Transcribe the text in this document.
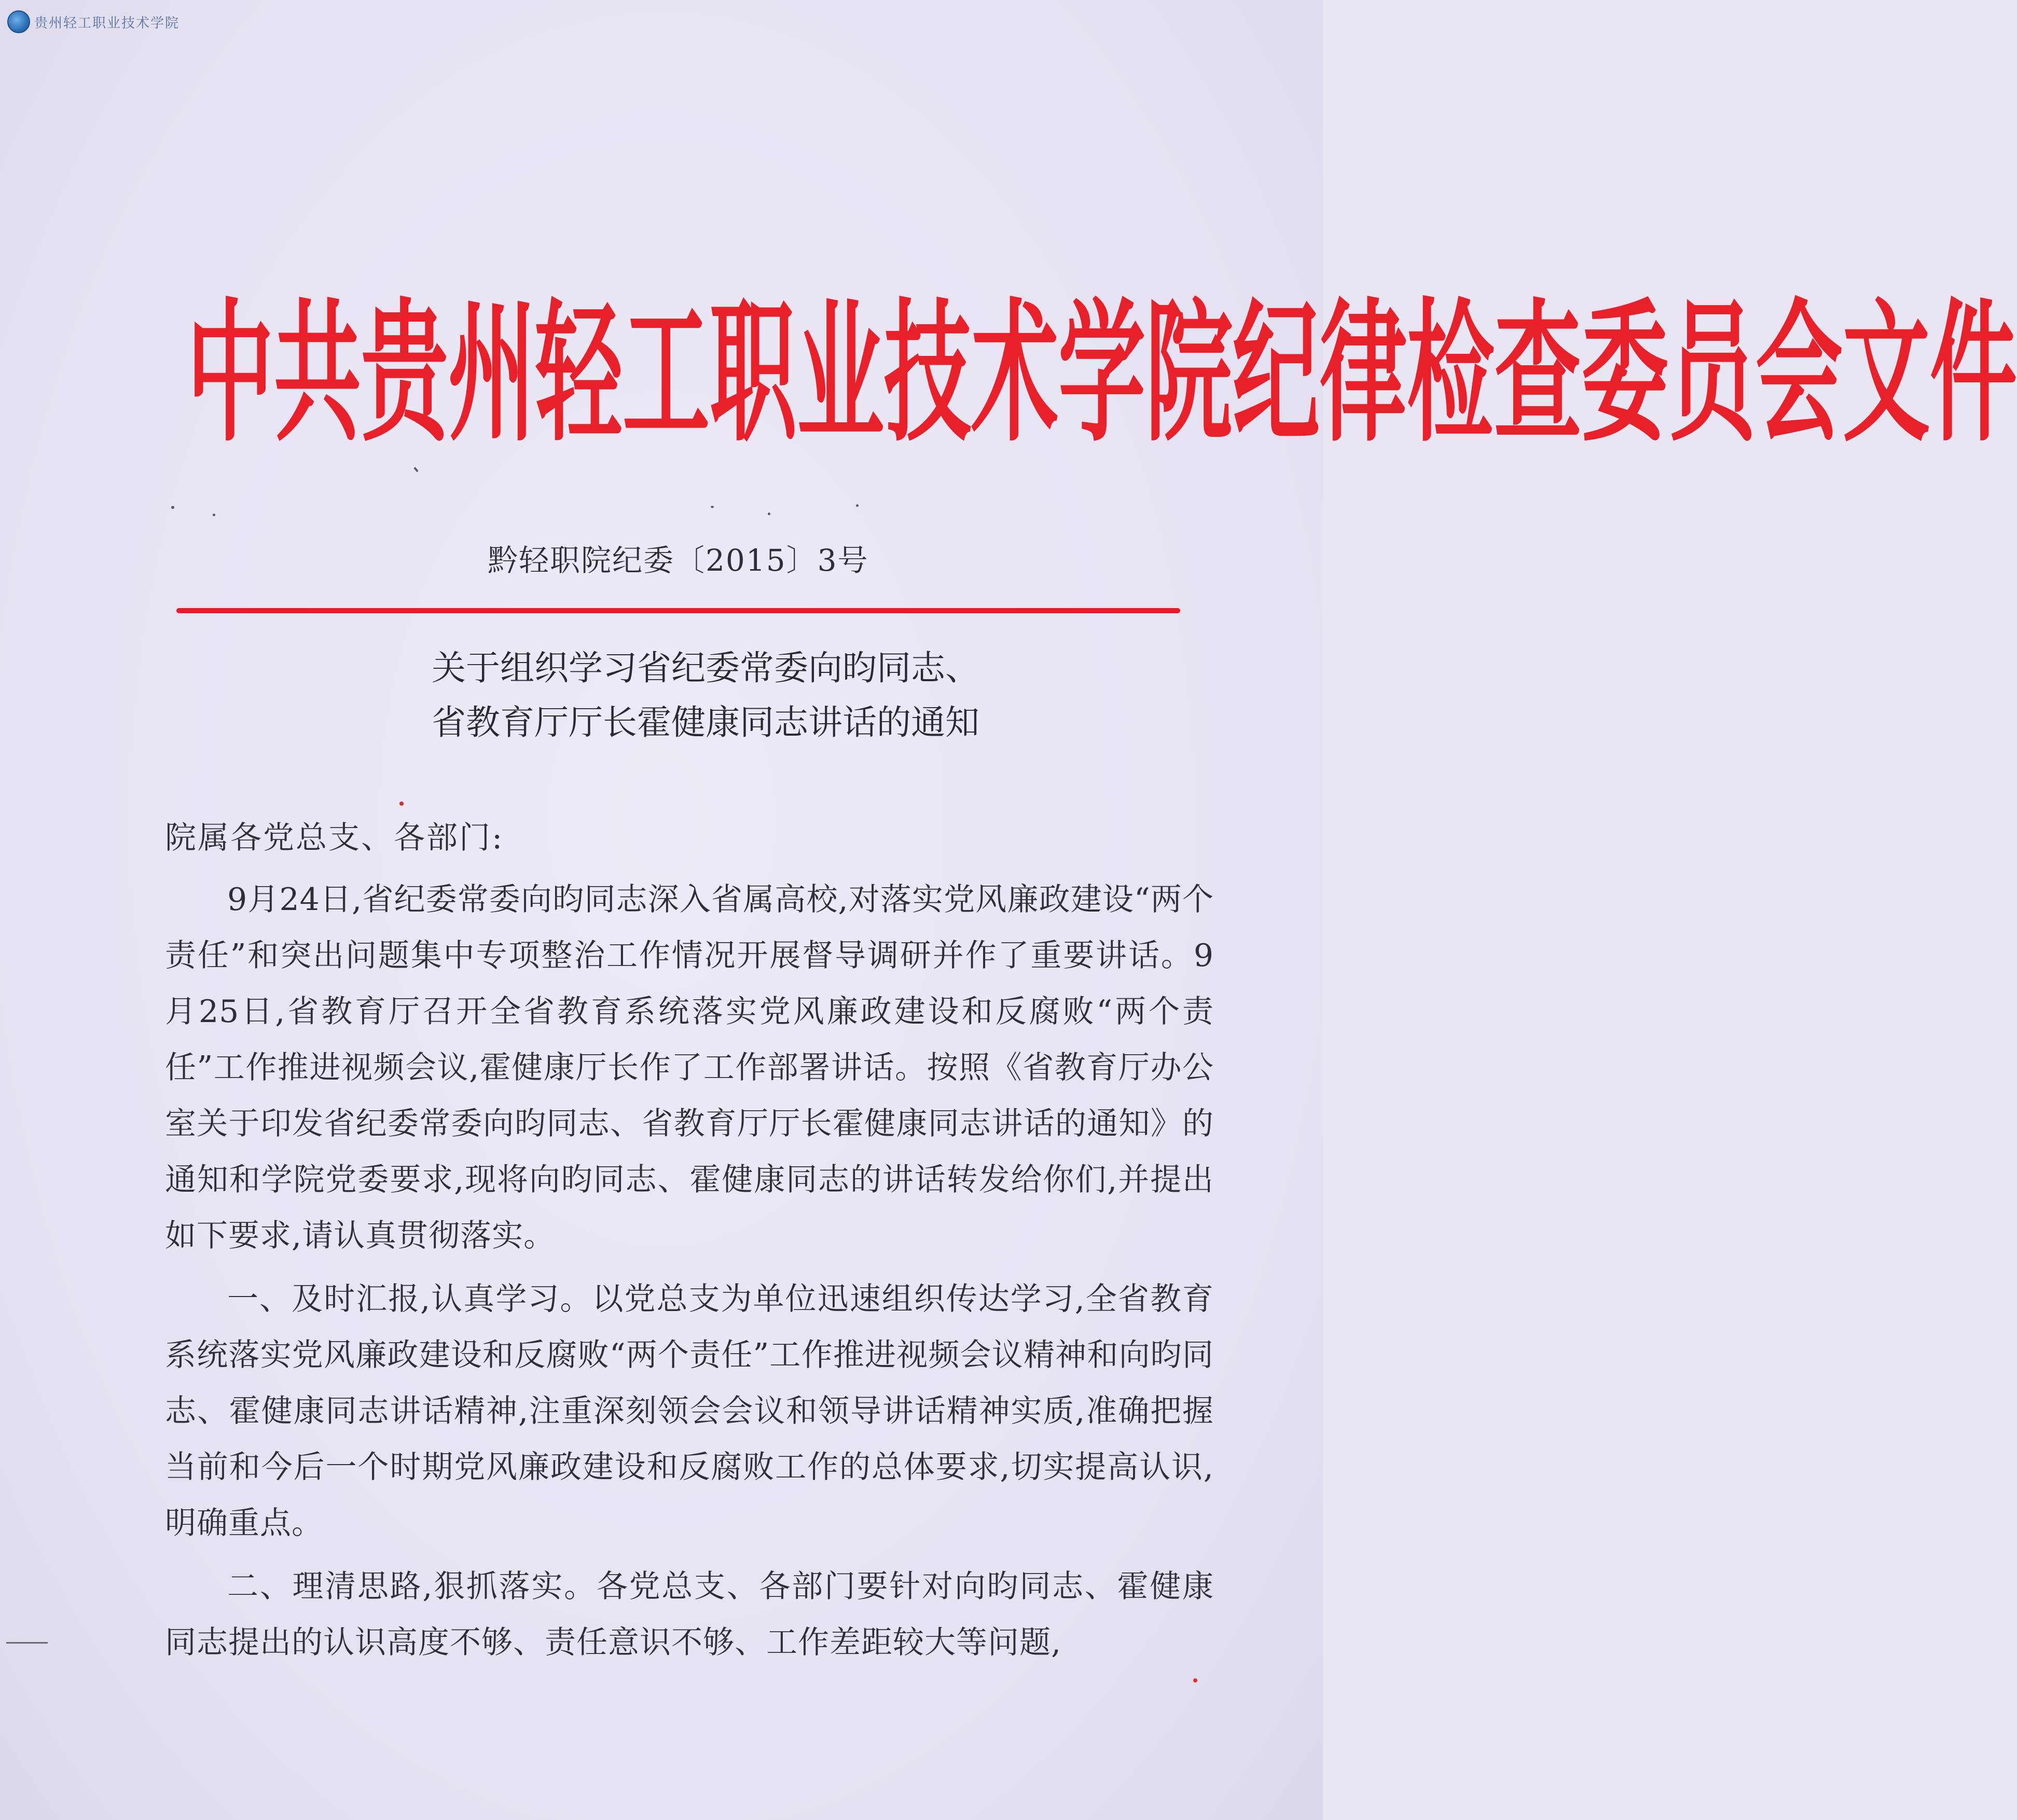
贵州轻工职业技术学院
中 共 贵 州 轻 工 职 业 技 术 学 院 纪 律 检 查 委 员 会 文 件
黔轻职院纪委〔2015〕3号
关于组织学习省纪委常委向昀同志、
省教育厅厅长霍健康同志讲话的通知
院属各党总支、各部门:

9月24日,省纪委常委向昀同志深入省属高校,对落实党风廉政建设“两个责任”和突出问题集中专项整治工作情况开展督导调研并作了重要讲话。9月25日,省教育厅召开全省教育系统落实党风廉政建设和反腐败“两个责任”工作推进视频会议,霍健康厅长作了工作部署讲话。按照《省教育厅办公室关于印发省纪委常委向昀同志、省教育厅厅长霍健康同志讲话的通知》的通知和学院党委要求,现将向昀同志、霍健康同志的讲话转发给你们,并提出如下要求,请认真贯彻落实。

一、及时汇报,认真学习。以党总支为单位迅速组织传达学习,全省教育系统落实党风廉政建设和反腐败“两个责任”工作推进视频会议精神和向昀同志、霍健康同志讲话精神,注重深刻领会会议和领导讲话精神实质,准确把握当前和今后一个时期党风廉政建设和反腐败工作的总体要求,切实提高认识,明确重点。

二、理清思路,狠抓落实。各党总支、各部门要针对向昀同志、霍健康同志提出的认识高度不够、责任意识不够、工作差距较大等问题,
